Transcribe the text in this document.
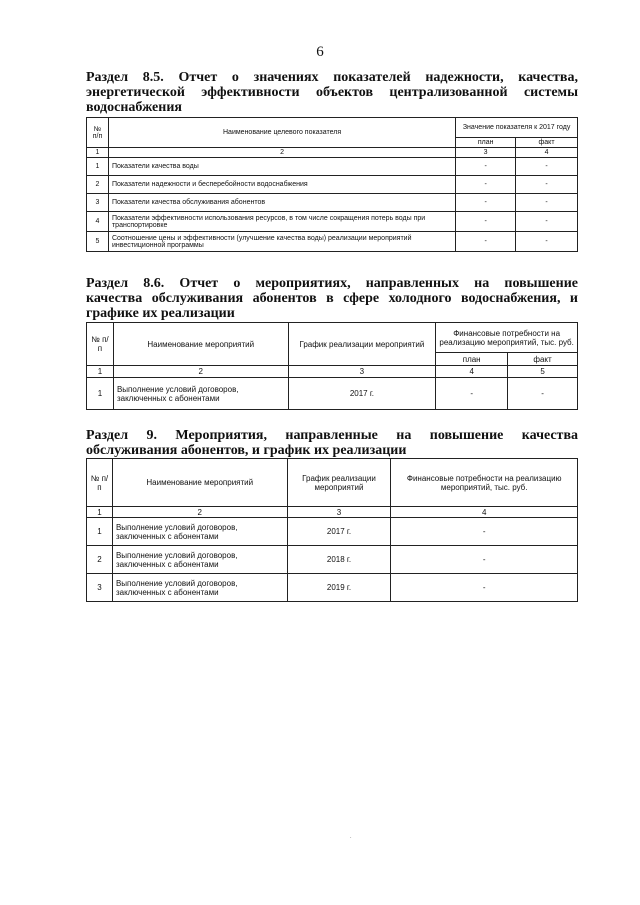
6
Раздел 8.5. Отчет о значениях показателей надежности, качества,
энергетической эффективности объектов централизованной системы
водоснабжения
№ п/п	Наименование целевого показателя	Значение показателя к 2017 году	
		план	факт
1	2	3	4
1	Показатели качества воды	-	-
2	Показатели надежности и бесперебойности водоснабжения	-	-
3	Показатели качества обслуживания абонентов	-	-
4	Показатели эффективности использования ресурсов, в том числе сокращения потерь воды при транспортировке	-	-
5	Соотношение цены и эффективности (улучшение качества воды) реализации мероприятий инвестиционной программы	-	-
Раздел 8.6. Отчет о мероприятиях, направленных на повышение
качества обслуживания абонентов в сфере холодного водоснабжения, и
графике их реализации
№ п/п	Наименование мероприятий	График реализации мероприятий	Финансовые потребности на реализацию мероприятий, тыс. руб.	
			план	факт
1	2	3	4	5
1	Выполнение условий договоров, заключенных с абонентами	2017 г.	-	-
Раздел 9. Мероприятия, направленные на повышение качества
обслуживания абонентов, и график их реализации
№ п/п	Наименование мероприятий	График реализации мероприятий	Финансовые потребности на реализацию мероприятий, тыс. руб.
1	2	3	4
1	Выполнение условий договоров, заключенных с абонентами	2017 г.	-
2	Выполнение условий договоров, заключенных с абонентами	2018 г.	-
3	Выполнение условий договоров, заключенных с абонентами	2019 г.	-
.
